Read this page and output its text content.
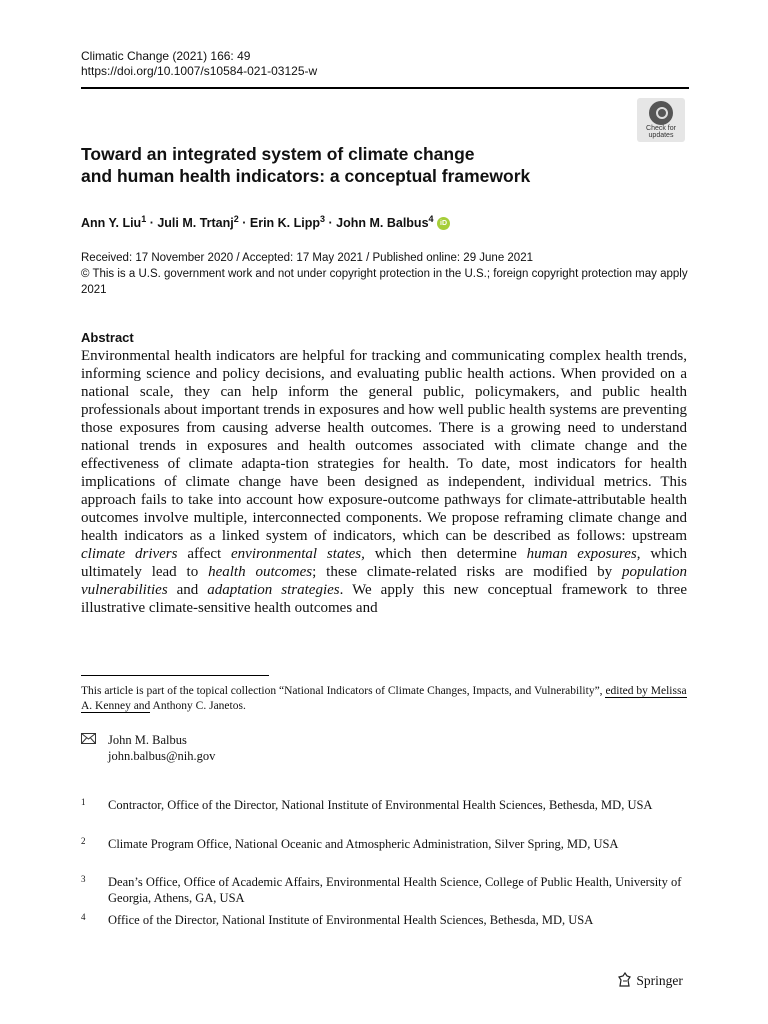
Climatic Change (2021) 166: 49
https://doi.org/10.1007/s10584-021-03125-w
Check for
updates
Toward an integrated system of climate change
and human health indicators: a conceptual framework
Ann Y. Liu$^1$ · Juli M. Trtanj$^2$ · Erin K. Lipp$^3$ · John M. Balbus$^4$ iD
Received: 17 November 2020 / Accepted: 17 May 2021 / Published online: 29 June 2021
© This is a U.S. government work and not under copyright protection in the U.S.; foreign copyright protection may apply 2021
Abstract

Environmental health indicators are helpful for tracking and communicating complex health trends, informing science and policy decisions, and evaluating public health actions. When provided on a national scale, they can help inform the general public, policymakers, and public health professionals about important trends in exposures and how well public health systems are preventing those exposures from causing adverse health outcomes. There is a growing need to understand national trends in exposures and health outcomes associated with climate change and the effectiveness of climate adapta-tion strategies for health. To date, most indicators for health implications of climate change have been designed as independent, individual metrics. This approach fails to take into account how exposure-outcome pathways for climate-attributable health outcomes involve multiple, interconnected components. We propose reframing climate change and health indicators as a linked system of indicators, which can be described as follows: upstream climate drivers affect environmental states, which then determine human exposures, which ultimately lead to health outcomes; these climate-related risks are modified by population vulnerabilities and adaptation strategies. We apply this new conceptual framework to three illustrative climate-sensitive health outcomes and

This article is part of the topical collection “National Indicators of Climate Changes, Impacts, and Vulnerability”, edited by Melissa A. Kenney and Anthony C. Janetos.
John M. Balbus
john.balbus@nih.gov
1 Contractor, Office of the Director, National Institute of Environmental Health Sciences, Bethesda, MD, USA
2 Climate Program Office, National Oceanic and Atmospheric Administration, Silver Spring, MD, USA
3 Dean’s Office, Office of Academic Affairs, Environmental Health Science, College of Public Health, University of Georgia, Athens, GA, USA
4 Office of the Director, National Institute of Environmental Health Sciences, Bethesda, MD, USA
Springer
